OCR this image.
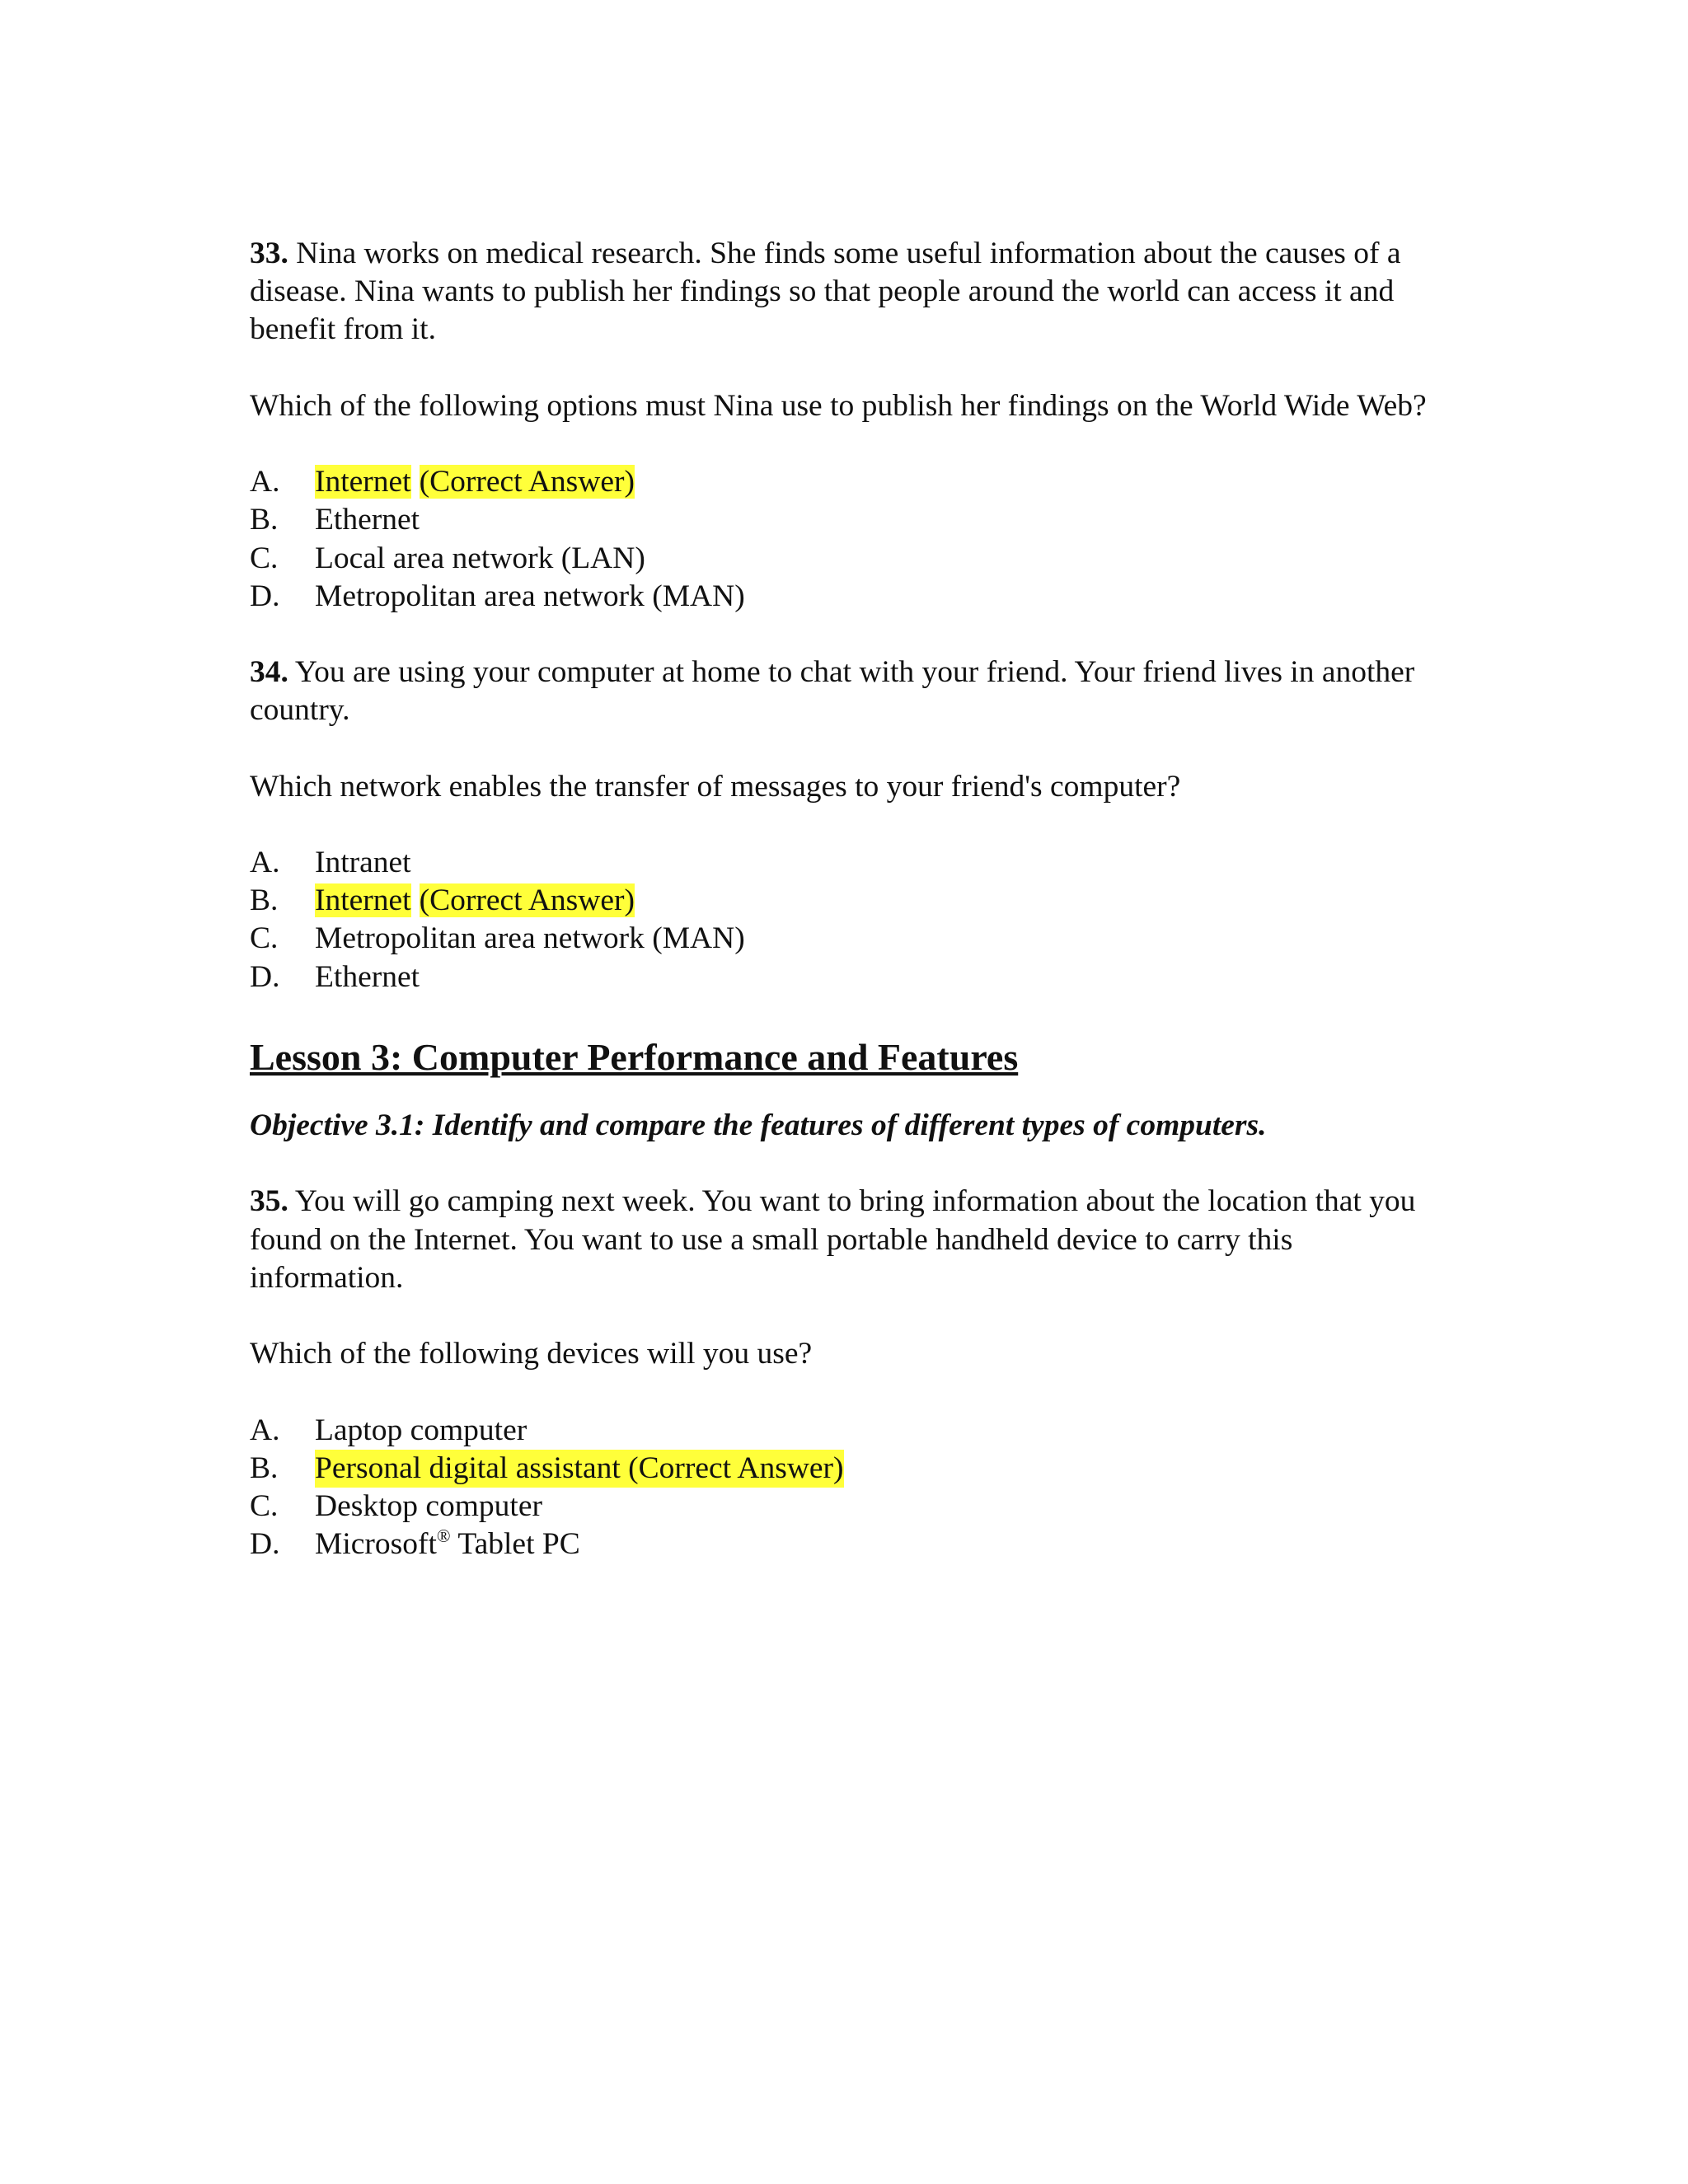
33. Nina works on medical research. She finds some useful information about the causes of a disease. Nina wants to publish her findings so that people around the world can access it and benefit from it.

Which of the following options must Nina use to publish her findings on the World Wide Web?

A.	Internet (Correct Answer)
B.	Ethernet
C.	Local area network (LAN)
D.	Metropolitan area network (MAN)

34. You are using your computer at home to chat with your friend. Your friend lives in another country.

Which network enables the transfer of messages to your friend's computer?

A.	Intranet
B.	Internet (Correct Answer)
C.	Metropolitan area network (MAN)
D.	Ethernet
Lesson 3: Computer Performance and Features

Objective 3.1: Identify and compare the features of different types of computers.

35. You will go camping next week. You want to bring information about the location that you found on the Internet. You want to use a small portable handheld device to carry this information.

Which of the following devices will you use?

A.	Laptop computer
B.	Personal digital assistant (Correct Answer)
C.	Desktop computer
D.	Microsoft® Tablet PC
